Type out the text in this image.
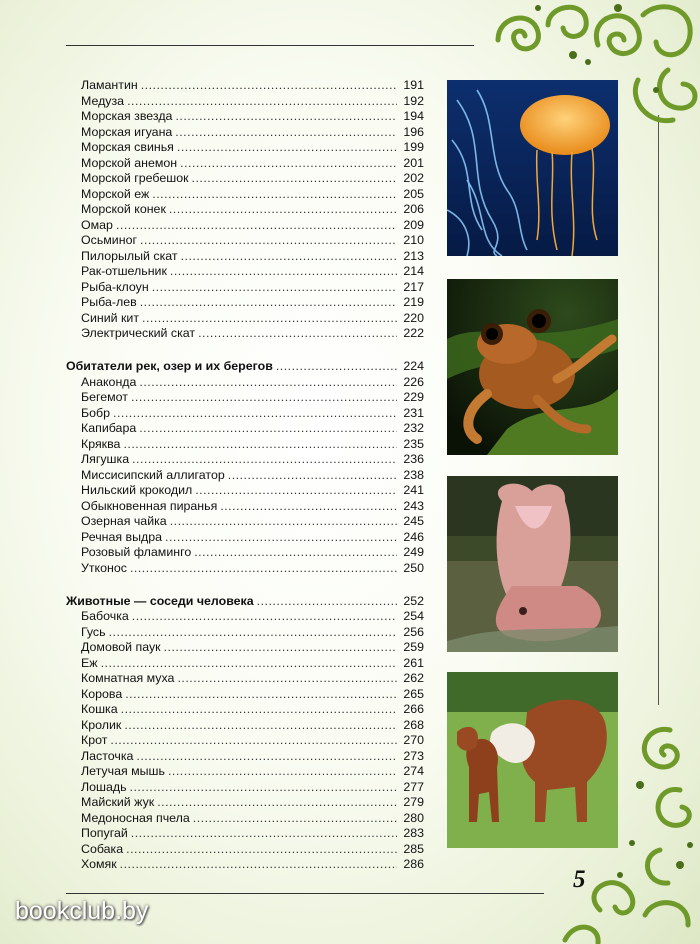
Ламантин .....	191
Медуза .....	192
Морская звезда .....	194
Морская игуана .....	196
Морская свинья .....	199
Морской анемон .....	201
Морской гребешок .....	202
Морской еж .....	205
Морской конек .....	206
Омар .....	209
Осьминог .....	210
Пилорылый скат .....	213
Рак-отшельник .....	214
Рыба-клоун .....	217
Рыба-лев .....	219
Синий кит .....	220
Электрический скат .....	222
Обитатели рек, озер и их берегов .....	224
Анаконда .....	226
Бегемот .....	229
Бобр .....	231
Капибара .....	232
Кряква .....	235
Лягушка .....	236
Миссисипский аллигатор .....	238
Нильский крокодил .....	241
Обыкновенная пиранья .....	243
Озерная чайка .....	245
Речная выдра .....	246
Розовый фламинго .....	249
Утконос .....	250
Животные — соседи человека .....	252
Бабочка .....	254
Гусь .....	256
Домовой паук .....	259
Еж .....	261
Комнатная муха .....	262
Корова .....	265
Кошка .....	266
Кролик .....	268
Крот .....	270
Ласточка .....	273
Летучая мышь .....	274
Лошадь .....	277
Майский жук .....	279
Медоносная пчела .....	280
Попугай .....	283
Собака .....	285
Хомяк .....	286
5
bookclub.by
